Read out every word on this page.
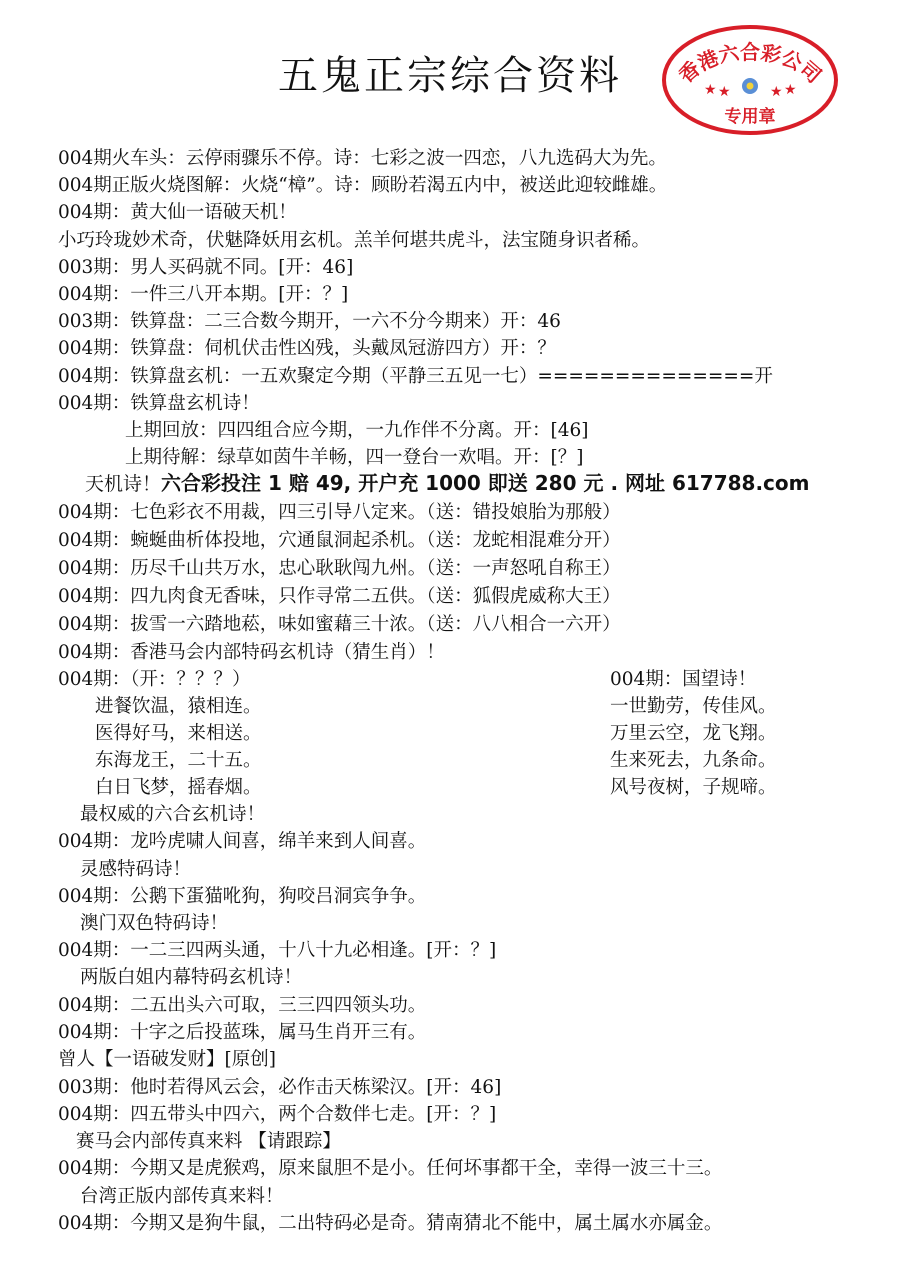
五鬼正宗综合资料	香港六合彩公司
★ ★	★ ★
专用章
004期火车头：云停雨骤乐不停。诗：七彩之波一四恋，八九选码大为先。
004期正版火烧图解：火烧“樟”。诗：顾盼若渴五内中，被送此迎较雌雄。
004期：黄大仙一语破天机！
小巧玲珑妙术奇，伏魅降妖用玄机。羔羊何堪共虎斗，法宝随身识者稀。
003期：男人买码就不同。[开：46]
004期：一件三八开本期。[开：？]
003期：铁算盘：二三合数今期开，一六不分今期来）开：46
004期：铁算盘：伺机伏击性凶残，头戴凤冠游四方）开：？
004期：铁算盘玄机：一五欢聚定今期（平静三五见一七）==============开
004期：铁算盘玄机诗！
上期回放：四四组合应今期，一九作伴不分离。开：[46]
上期待解：绿草如茵牛羊畅，四一登台一欢唱。开：[？]
天机诗！六合彩投注 1 赔 49, 开户充 1000 即送 280 元 . 网址 617788.com
004期：七色彩衣不用裁，四三引导八定来。（送：错投娘胎为那般）
004期：蜿蜒曲析体投地，穴通鼠洞起杀机。（送：龙蛇相混难分开）
004期：历尽千山共万水，忠心耿耿闯九州。（送：一声怒吼自称王）
004期：四九肉食无香味，只作寻常二五供。（送：狐假虎威称大王）
004期：拔雪一六踏地菘，味如蜜藉三十浓。（送：八八相合一六开）
004期：香港马会内部特码玄机诗（猜生肖）！
004期：（开：？？？）
进餐饮温，猿相连。
医得好马，来相送。
东海龙王，二十五。
白日飞梦，摇春烟。
004期：国望诗！
一世勤劳，传佳风。
万里云空，龙飞翔。
生来死去，九条命。
风号夜树，子规啼。
最权威的六合玄机诗！
004期：龙吟虎啸人间喜，绵羊来到人间喜。
灵感特码诗！
004期：公鹅下蛋猫吪狗，狗咬吕洞宾争争。
澳门双色特码诗！
004期：一二三四两头通，十八十九必相逢。[开：？]
两版白姐内幕特码玄机诗！
004期：二五出头六可取，三三四四领头功。
004期：十字之后投蓝珠，属马生肖开三有。
曾人【一语破发财】[原创]
003期：他时若得风云会，必作击天栋梁汉。[开：46]
004期：四五带头中四六，两个合数伴七走。[开：？]
赛马会内部传真来料 【请跟踪】
004期：今期又是虎猴鸡，原来鼠胆不是小。任何坏事都干全，幸得一波三十三。
台湾正版内部传真来料！
004期：今期又是狗牛鼠，二出特码必是奇。猜南猜北不能中，属土属水亦属金。
